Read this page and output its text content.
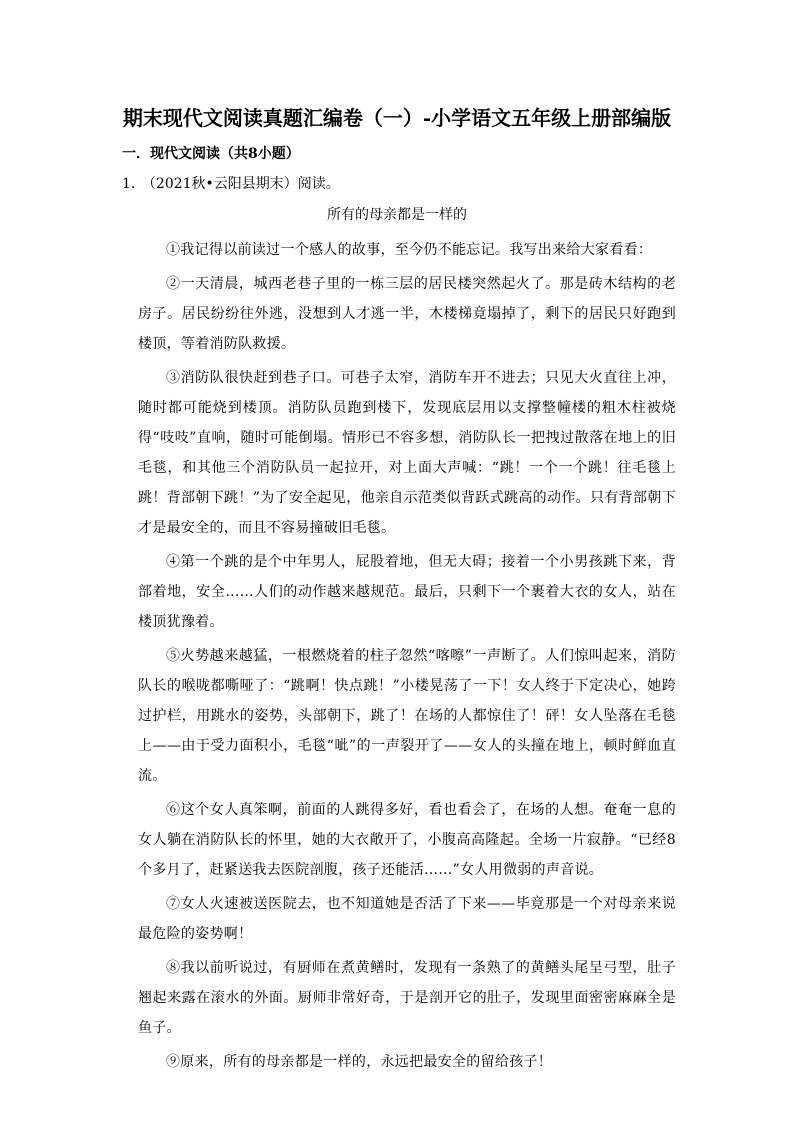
期末现代文阅读真题汇编卷（一）-小学语文五年级上册部编版
一．现代文阅读（共8小题）
1． （2021秋•云阳县期末）阅读。
所有的母亲都是一样的

①我记得以前读过一个感人的故事，至今仍不能忘记。我写出来给大家看看：

②一天清晨，城西老巷子里的一栋三层的居民楼突然起火了。那是砖木结构的老房子。居民纷纷往外逃，没想到人才逃一半，木楼梯竟塌掉了，剩下的居民只好跑到楼顶，等着消防队救援。

③消防队很快赶到巷子口。可巷子太窄，消防车开不进去；只见大火直往上冲，随时都可能烧到楼顶。消防队员跑到楼下，发现底层用以支撑整幢楼的粗木柱被烧得“吱吱”直响，随时可能倒塌。情形已不容多想，消防队长一把拽过散落在地上的旧毛毯，和其他三个消防队员一起拉开，对上面大声喊：“跳！一个一个跳！往毛毯上跳！背部朝下跳！”为了安全起见，他亲自示范类似背跃式跳高的动作。只有背部朝下才是最安全的，而且不容易撞破旧毛毯。

④第一个跳的是个中年男人，屁股着地，但无大碍；接着一个小男孩跳下来，背部着地，安全……人们的动作越来越规范。最后，只剩下一个裹着大衣的女人，站在楼顶犹豫着。

⑤火势越来越猛，一根燃烧着的柱子忽然“喀嚓”一声断了。人们惊叫起来，消防队长的喉咙都嘶哑了：“跳啊！快点跳！”小楼晃荡了一下！女人终于下定决心，她跨过护栏，用跳水的姿势，头部朝下，跳了！在场的人都惊住了！砰！女人坠落在毛毯上——由于受力面积小，毛毯“呲”的一声裂开了——女人的头撞在地上，顿时鲜血直流。

⑥这个女人真笨啊，前面的人跳得多好，看也看会了，在场的人想。奄奄一息的女人躺在消防队长的怀里，她的大衣敞开了，小腹高高隆起。全场一片寂静。“已经8个多月了，赶紧送我去医院剖腹，孩子还能活……”女人用微弱的声音说。

⑦女人火速被送医院去，也不知道她是否活了下来——毕竟那是一个对母亲来说最危险的姿势啊！

⑧我以前听说过，有厨师在煮黄鳝时，发现有一条熟了的黄鳝头尾呈弓型，肚子翘起来露在滚水的外面。厨师非常好奇，于是剖开它的肚子，发现里面密密麻麻全是鱼子。

⑨原来，所有的母亲都是一样的，永远把最安全的留给孩子！
